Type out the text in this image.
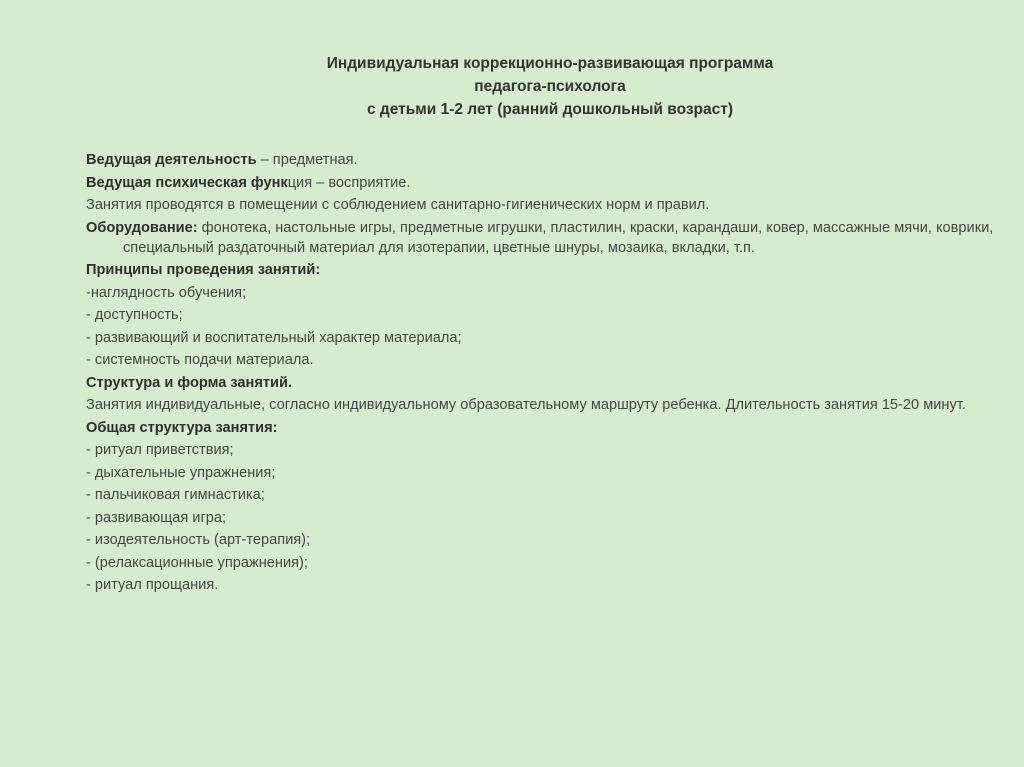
Индивидуальная коррекционно-развивающая программа
педагога-психолога
с детьми 1-2 лет (ранний дошкольный возраст)
Ведущая деятельность – предметная.
Ведущая психическая функция – восприятие.
Занятия проводятся в помещении с соблюдением санитарно-гигиенических норм и правил.
Оборудование: фонотека, настольные игры, предметные игрушки, пластилин, краски, карандаши, ковер, массажные мячи, коврики, специальный раздаточный материал для изотерапии, цветные шнуры, мозаика, вкладки, т.п.
Принципы проведения занятий:
-наглядность обучения;
- доступность;
- развивающий и воспитательный характер материала;
- системность подачи материала.
Структура и форма занятий.
Занятия индивидуальные, согласно индивидуальному образовательному маршруту ребенка. Длительность занятия 15-20 минут.
Общая структура занятия:
- ритуал приветствия;
- дыхательные упражнения;
- пальчиковая гимнастика;
- развивающая игра;
- изодеятельность (арт-терапия);
- (релаксационные упражнения);
- ритуал прощания.
